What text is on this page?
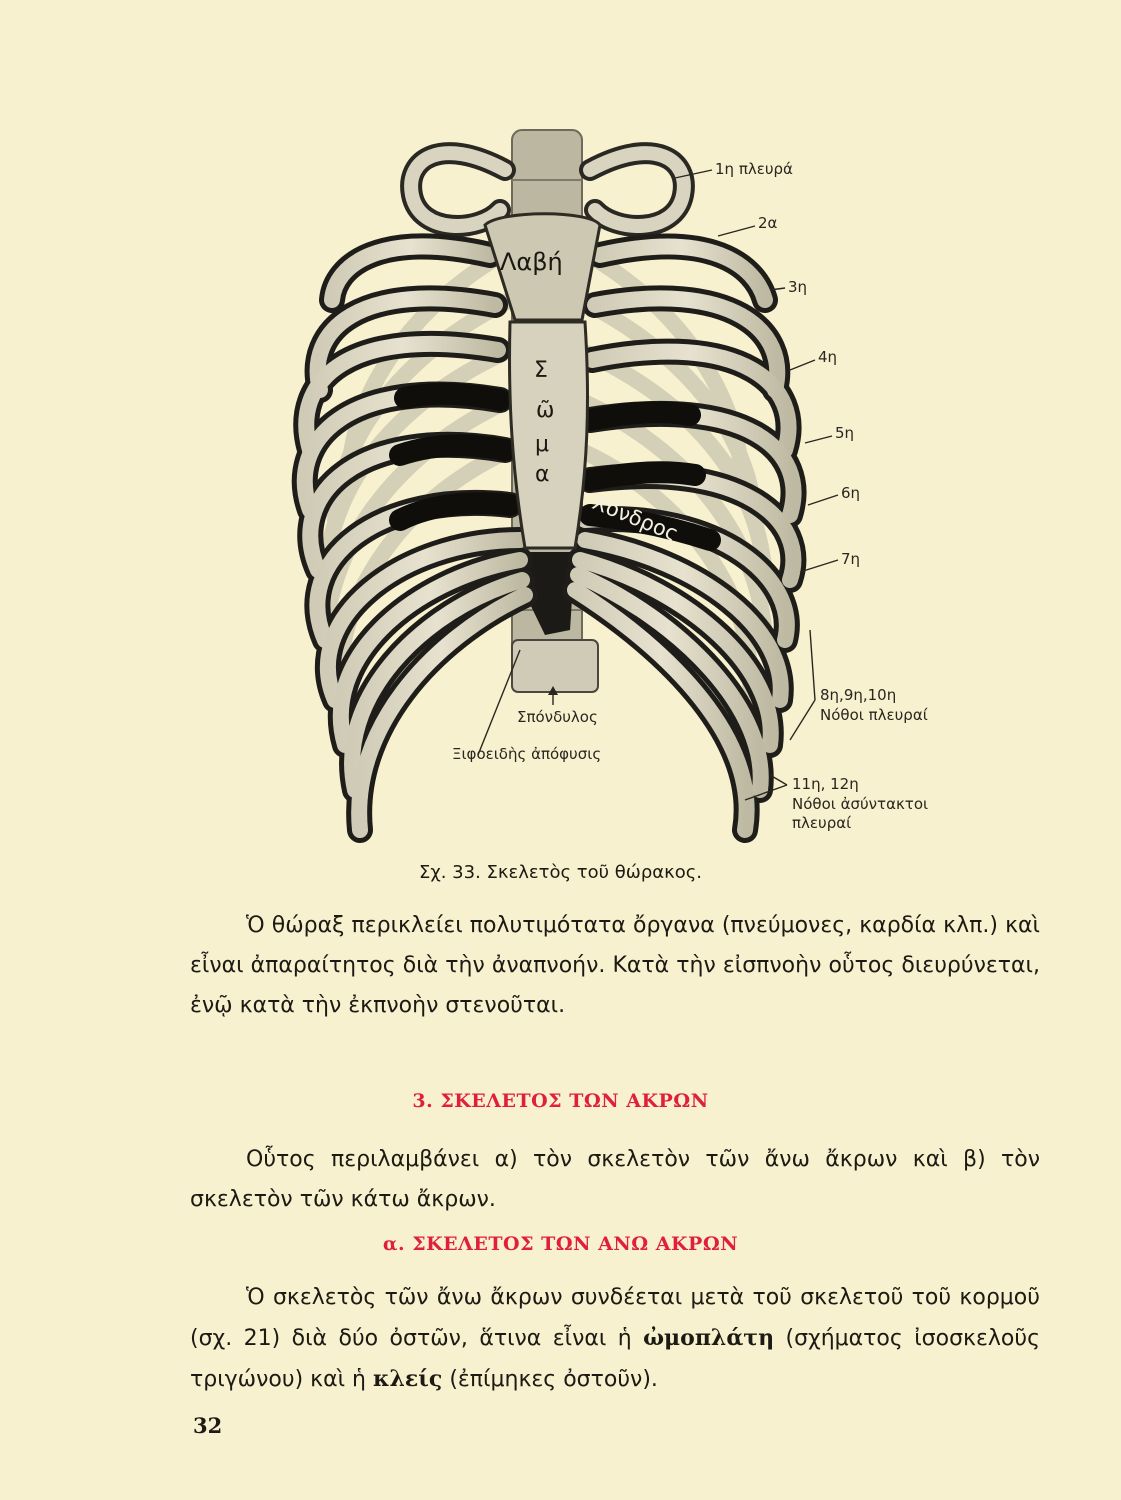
1η πλευρά
2α
3η
4η
5η
6η
7η
8η,9η,10η
Νόθοι πλευραί
11η, 12η
Νόθοι ἀσύντακτοι
πλευραί
Σπόνδυλος
Ξιφοειδὴς ἀπόφυσις
Λαβή
Σ
ῶ
μ
α
Χόνδρος
Σχ. 33. Σκελετὸς τοῦ θώρακος.

Ὁ θώραξ περικλείει πολυτιμότατα ὄργανα (πνεύμονες, καρδία κλπ.) καὶ εἶναι ἀπαραίτητος διὰ τὴν ἀναπνοήν. Κατὰ τὴν εἰσπνοὴν οὗτος διευρύνεται, ἐνῷ κατὰ τὴν ἐκπνοὴν στενοῦται.

3. ΣΚΕΛΕΤΟΣ ΤΩΝ ΑΚΡΩΝ

Οὗτος περιλαμβάνει α) τὸν σκελετὸν τῶν ἄνω ἄκρων καὶ β) τὸν σκελετὸν τῶν κάτω ἄκρων.

α. ΣΚΕΛΕΤΟΣ ΤΩΝ ΑΝΩ ΑΚΡΩΝ

Ὁ σκελετὸς τῶν ἄνω ἄκρων συνδέεται μετὰ τοῦ σκελετοῦ τοῦ κορμοῦ (σχ. 21) διὰ δύο ὀστῶν, ἅτινα εἶναι ἡ ὠμοπλάτη (σχήματος ἰσοσκελοῦς τριγώνου) καὶ ἡ κλείς (ἐπίμηκες ὀστοῦν).

32
